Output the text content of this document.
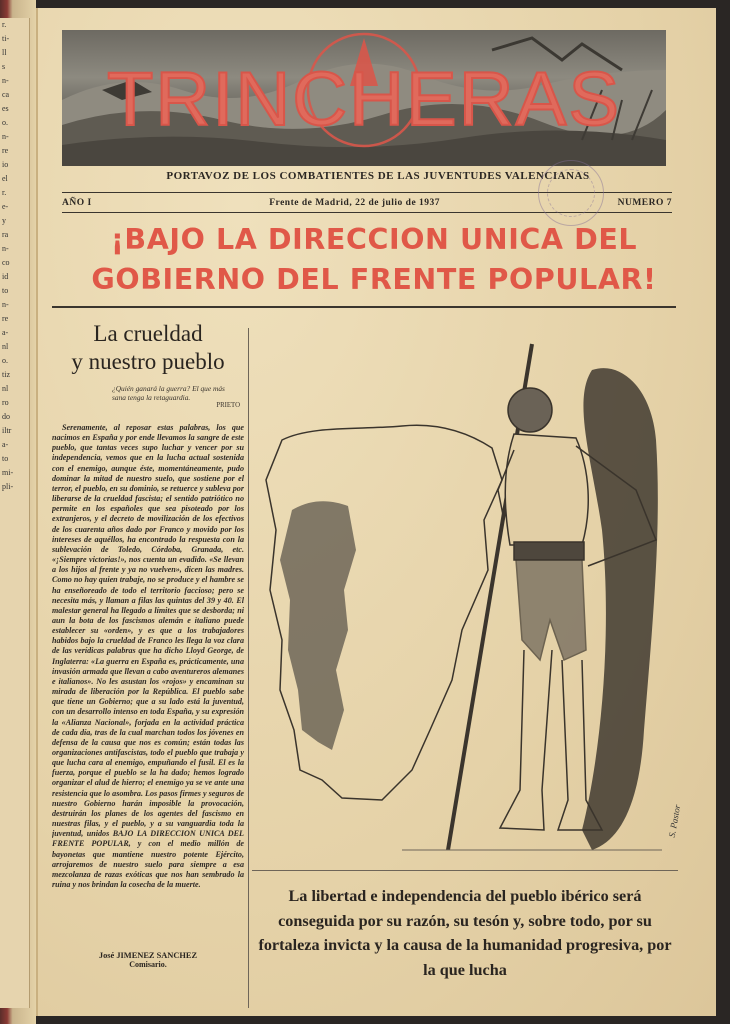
r.
ti-
ll
s
n-
ca
es
o.
n-
re
io
el
r.
e-
y
ra
n-
co
id
to
n-
re
a-
nl
o.
tiz
nl
ro
do
iltr
a-
to
mi-
pli-
TRINCHERAS
PORTAVOZ DE LOS COMBATIENTES DE LAS JUVENTUDES VALENCIANAS
AÑO I	Frente de Madrid, 22 de julio de 1937	NUMERO 7
¡BAJO LA DIRECCION UNICA DEL
GOBIERNO DEL FRENTE POPULAR!
La crueldad
y nuestro pueblo
¿Quién ganará la guerra? El que más sana tenga la retaguardia.
PRIETO
Serenamente, al reposar estas palabras, los que nacimos en España y por ende llevamos la sangre de este pueblo, que tantas veces supo luchar y vencer por su independencia, vemos que en la lucha actual sostenida con el enemigo, aunque éste, momentáneamente, pudo dominar la mitad de nuestro suelo, que sostiene por el terror, el pueblo, en su dominio, se retuerce y subleva por liberarse de la crueldad fascista; el sentido patriótico no permite en los españoles que sea pisoteado por los extranjeros, y el decreto de movilización de los efectivos de los cuarenta años dado por Franco y movido por los intereses de aquéllos, ha encontrado la respuesta con la sublevación de Toledo, Córdoba, Granada, etc. «¡Siempre victorias!», nos cuenta un evadido. «Se llevan a los hijos al frente y ya no vuelven», dicen las madres. Como no hay quien trabaje, no se produce y el hambre se ha enseñoreado de todo el territorio faccioso; pero se necesita más, y llaman a filas las quintas del 39 y 40. El malestar general ha llegado a límites que se desborda; ni aun la bota de los fascismos alemán e italiano puede establecer su «orden», y es que a los trabajadores habidos bajo la crueldad de Franco les llega la voz clara de las verídicas palabras que ha dicho Lloyd George, de Inglaterra: «La guerra en España es, prácticamente, una invasión armada que llevan a cabo aventureros alemanes e italianos». No les asustan los «rojos» y encaminan su mirada de liberación por la República. El pueblo sabe que tiene un Gobierno; que a su lado está la juventud, con un desarrollo intenso en toda España, y su expresión la «Alianza Nacional», forjada en la actividad práctica de cada día, tras de la cual marchan todos los jóvenes en defensa de la causa que nos es común; están todas las organizaciones antifascistas, todo el pueblo que trabaja y que lucha cara al enemigo, empuñando el fusil. El es la fuerza, porque el pueblo se la ha dado; hemos logrado organizar el alud de hierro; el enemigo ya se ve ante una resistencia que lo asombra. Los pasos firmes y seguros de nuestro Gobierno harán imposible la provocación, destruirán los planes de los agentes del fascismo en nuestras filas, y el pueblo, y a su vanguardia toda la juventud, unidos BAJO LA DIRECCION UNICA DEL FRENTE POPULAR, y con el medio millón de bayonetas que mantiene nuestro potente Ejército, arrojaremos de nuestro suelo para siempre a esa mezcolanza de razas exóticas que nos han sembrado la ruina y nos brindan la cosecha de la muerte.
José JIMENEZ SANCHEZ
Comisario.
S. Pastor
La libertad e independencia del pueblo ibérico será conseguida por su razón, su tesón y, sobre todo, por su fortaleza invicta y la causa de la humanidad progresiva, por la que lucha
